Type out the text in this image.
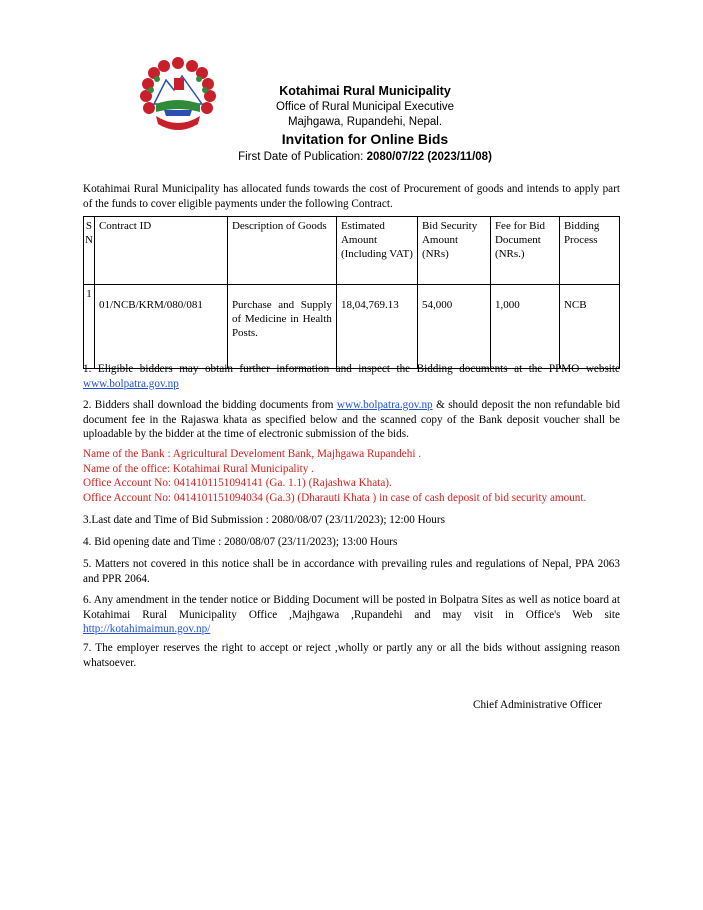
Kotahimai Rural Municipality
Office of Rural Municipal Executive
Majhgawa, Rupandehi, Nepal.
Invitation for Online Bids
First Date of Publication: 2080/07/22 (2023/11/08)
Kotahimai Rural Municipality has allocated funds towards the cost of Procurement of goods and intends to apply part of the funds to cover eligible payments under the following Contract.
S N	Contract ID	Description of Goods	Estimated Amount (Including VAT)	Bid Security Amount (NRs)	Fee for Bid Document (NRs.)	Bidding Process
1	01/NCB/KRM/080/081	Purchase and Supply of Medicine in Health Posts.	18,04,769.13	54,000	1,000	NCB
1. Eligible bidders may obtain further information and inspect the Bidding documents at the PPMO website www.bolpatra.gov.np
2. Bidders shall download the bidding documents from www.bolpatra.gov.np & should deposit the non refundable bid document fee in the Rajaswa khata as specified below and the scanned copy of the Bank deposit voucher shall be uploadable by the bidder at the time of electronic submission of the bids.
Name of the Bank : Agricultural Develoment Bank, Majhgawa Rupandehi .
Name of the office: Kotahimai Rural Municipality .
Office Account No: 0414101151094141 (Ga. 1.1) (Rajashwa Khata).
Office Account No: 0414101151094034 (Ga.3) (Dharauti Khata ) in case of cash deposit of bid security amount.
3.Last date and Time of Bid Submission : 2080/08/07 (23/11/2023); 12:00 Hours
4. Bid opening date and Time : 2080/08/07 (23/11/2023); 13:00 Hours
5. Matters not covered in this notice shall be in accordance with prevailing rules and regulations of Nepal, PPA 2063 and PPR 2064.
6. Any amendment in the tender notice or Bidding Document will be posted in Bolpatra Sites as well as notice board at Kotahimai Rural Municipality Office ,Majhgawa ,Rupandehi and may visit in Office's Web site http://kotahimaimun.gov.np/
7. The employer reserves the right to accept or reject ,wholly or partly any or all the bids without assigning reason whatsoever.
Chief Administrative Officer
